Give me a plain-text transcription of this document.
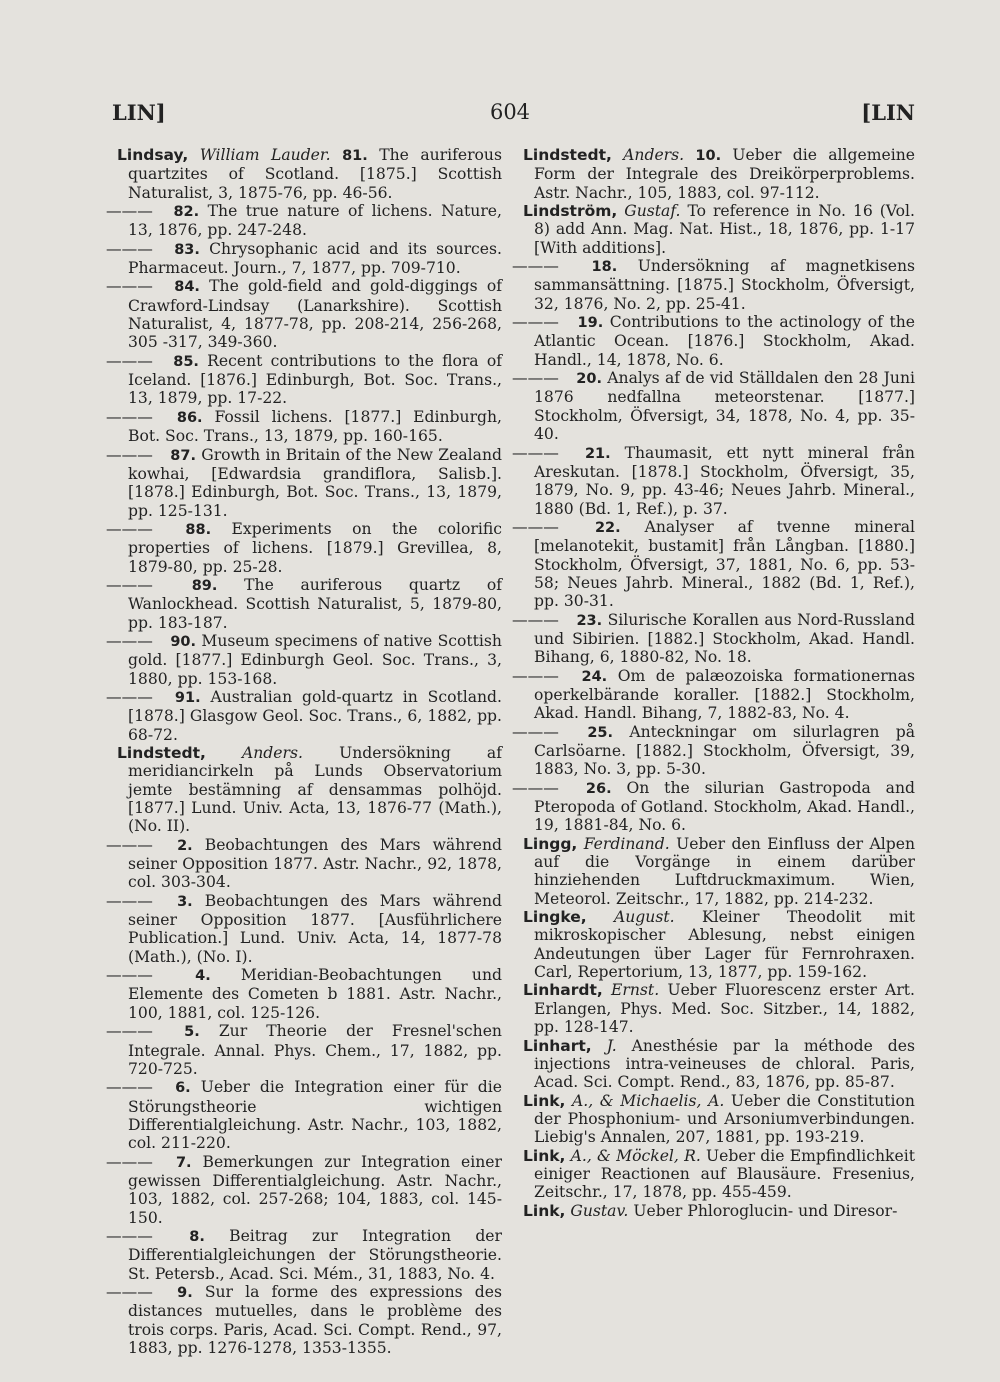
LIN]	604	[LIN

Lindsay, William Lauder. 81. The auriferous quartzites of Scotland. [1875.] Scottish Naturalist, 3, 1875-76, pp. 46-56.

——— 82. The true nature of lichens. Nature, 13, 1876, pp. 247-248.

——— 83. Chrysophanic acid and its sources. Pharmaceut. Journ., 7, 1877, pp. 709-710.

——— 84. The gold-field and gold-diggings of Crawford-Lindsay (Lanarkshire). Scottish Naturalist, 4, 1877-78, pp. 208-214, 256-268, 305 -317, 349-360.

——— 85. Recent contributions to the flora of Iceland. [1876.] Edinburgh, Bot. Soc. Trans., 13, 1879, pp. 17-22.

——— 86. Fossil lichens. [1877.] Edinburgh, Bot. Soc. Trans., 13, 1879, pp. 160-165.

——— 87. Growth in Britain of the New Zealand kowhai, [Edwardsia grandiflora, Salisb.]. [1878.] Edinburgh, Bot. Soc. Trans., 13, 1879, pp. 125-131.

——— 88. Experiments on the colorific properties of lichens. [1879.] Grevillea, 8, 1879-80, pp. 25-28.

———	89. The auriferous quartz of Wanlockhead. Scottish Naturalist, 5, 1879-80, pp. 183-187.

——— 90. Museum specimens of native Scottish gold. [1877.] Edinburgh Geol. Soc. Trans., 3, 1880, pp. 153-168.

——— 91. Australian gold-quartz in Scotland. [1878.] Glasgow Geol. Soc. Trans., 6, 1882, pp. 68-72.

Lindstedt, Anders. Undersökning af meridiancirkeln på Lunds Observatorium jemte bestämning af densammas polhöjd. [1877.] Lund. Univ. Acta, 13, 1876-77 (Math.), (No. II).

——— 2. Beobachtungen des Mars während seiner Opposition 1877. Astr. Nachr., 92, 1878, col. 303-304.

——— 3. Beobachtungen des Mars während seiner Opposition 1877. [Ausführlichere Publication.] Lund. Univ. Acta, 14, 1877-78 (Math.), (No. I).

———	4. Meridian-Beobachtungen und Elemente des Cometen b 1881. Astr. Nachr., 100, 1881, col. 125-126.

——— 5. Zur Theorie der Fresnel'schen Integrale. Annal. Phys. Chem., 17, 1882, pp. 720-725.

——— 6. Ueber die Integration einer für die Störungstheorie wichtigen Differentialgleichung. Astr. Nachr., 103, 1882, col. 211-220.

——— 7. Bemerkungen zur Integration einer gewissen Differentialgleichung. Astr. Nachr., 103, 1882, col. 257-268; 104, 1883, col. 145-150.

———	8. Beitrag zur Integration der Differentialgleichungen der Störungstheorie. St. Petersb., Acad. Sci. Mém., 31, 1883, No. 4.

——— 9. Sur la forme des expressions des distances mutuelles, dans le problème des trois corps. Paris, Acad. Sci. Compt. Rend., 97, 1883, pp. 1276-1278, 1353-1355.

Lindstedt, Anders. 10. Ueber die allgemeine Form der Integrale des Dreikörperproblems. Astr. Nachr., 105, 1883, col. 97-112.

Lindström, Gustaf. To reference in No. 16 (Vol. 8) add Ann. Mag. Nat. Hist., 18, 1876, pp. 1-17 [With additions].

——— 18. Undersökning af magnetkisens sammansättning. [1875.] Stockholm, Öfversigt, 32, 1876, No. 2, pp. 25-41.

——— 19. Contributions to the actinology of the Atlantic Ocean. [1876.] Stockholm, Akad. Handl., 14, 1878, No. 6.

——— 20. Analys af de vid Ställdalen den 28 Juni 1876 nedfallna meteorstenar. [1877.] Stockholm, Öfversigt, 34, 1878, No. 4, pp. 35-40.

——— 21. Thaumasit, ett nytt mineral från Areskutan. [1878.] Stockholm, Öfversigt, 35, 1879, No. 9, pp. 43-46; Neues Jahrb. Mineral., 1880 (Bd. 1, Ref.), p. 37.

——— 22. Analyser af tvenne mineral [melanotekit, bustamit] från Långban. [1880.] Stockholm, Öfversigt, 37, 1881, No. 6, pp. 53-58; Neues Jahrb. Mineral., 1882 (Bd. 1, Ref.), pp. 30-31.

——— 23. Silurische Korallen aus Nord-Russland und Sibirien. [1882.] Stockholm, Akad. Handl. Bihang, 6, 1880-82, No. 18.

——— 24. Om de palæozoiska formationernas operkelbärande koraller. [1882.] Stockholm, Akad. Handl. Bihang, 7, 1882-83, No. 4.

——— 25. Anteckningar om silurlagren på Carlsöarne. [1882.] Stockholm, Öfversigt, 39, 1883, No. 3, pp. 5-30.

——— 26. On the silurian Gastropoda and Pteropoda of Gotland. Stockholm, Akad. Handl., 19, 1881-84, No. 6.

Lingg, Ferdinand. Ueber den Einfluss der Alpen auf die Vorgänge in einem darüber hinziehenden Luftdruckmaximum. Wien, Meteorol. Zeitschr., 17, 1882, pp. 214-232.

Lingke, August. Kleiner Theodolit mit mikroskopischer Ablesung, nebst einigen Andeutungen über Lager für Fernrohraxen. Carl, Repertorium, 13, 1877, pp. 159-162.

Linhardt, Ernst. Ueber Fluorescenz erster Art. Erlangen, Phys. Med. Soc. Sitzber., 14, 1882, pp. 128-147.

Linhart, J. Anesthésie par la méthode des injections intra-veineuses de chloral. Paris, Acad. Sci. Compt. Rend., 83, 1876, pp. 85-87.

Link, A., & Michaelis, A. Ueber die Constitution der Phosphonium- und Arsoniumverbindungen. Liebig's Annalen, 207, 1881, pp. 193-219.

Link, A., & Möckel, R. Ueber die Empfindlichkeit einiger Reactionen auf Blausäure. Fresenius, Zeitschr., 17, 1878, pp. 455-459.

Link, Gustav. Ueber Phloroglucin- und Diresor-
